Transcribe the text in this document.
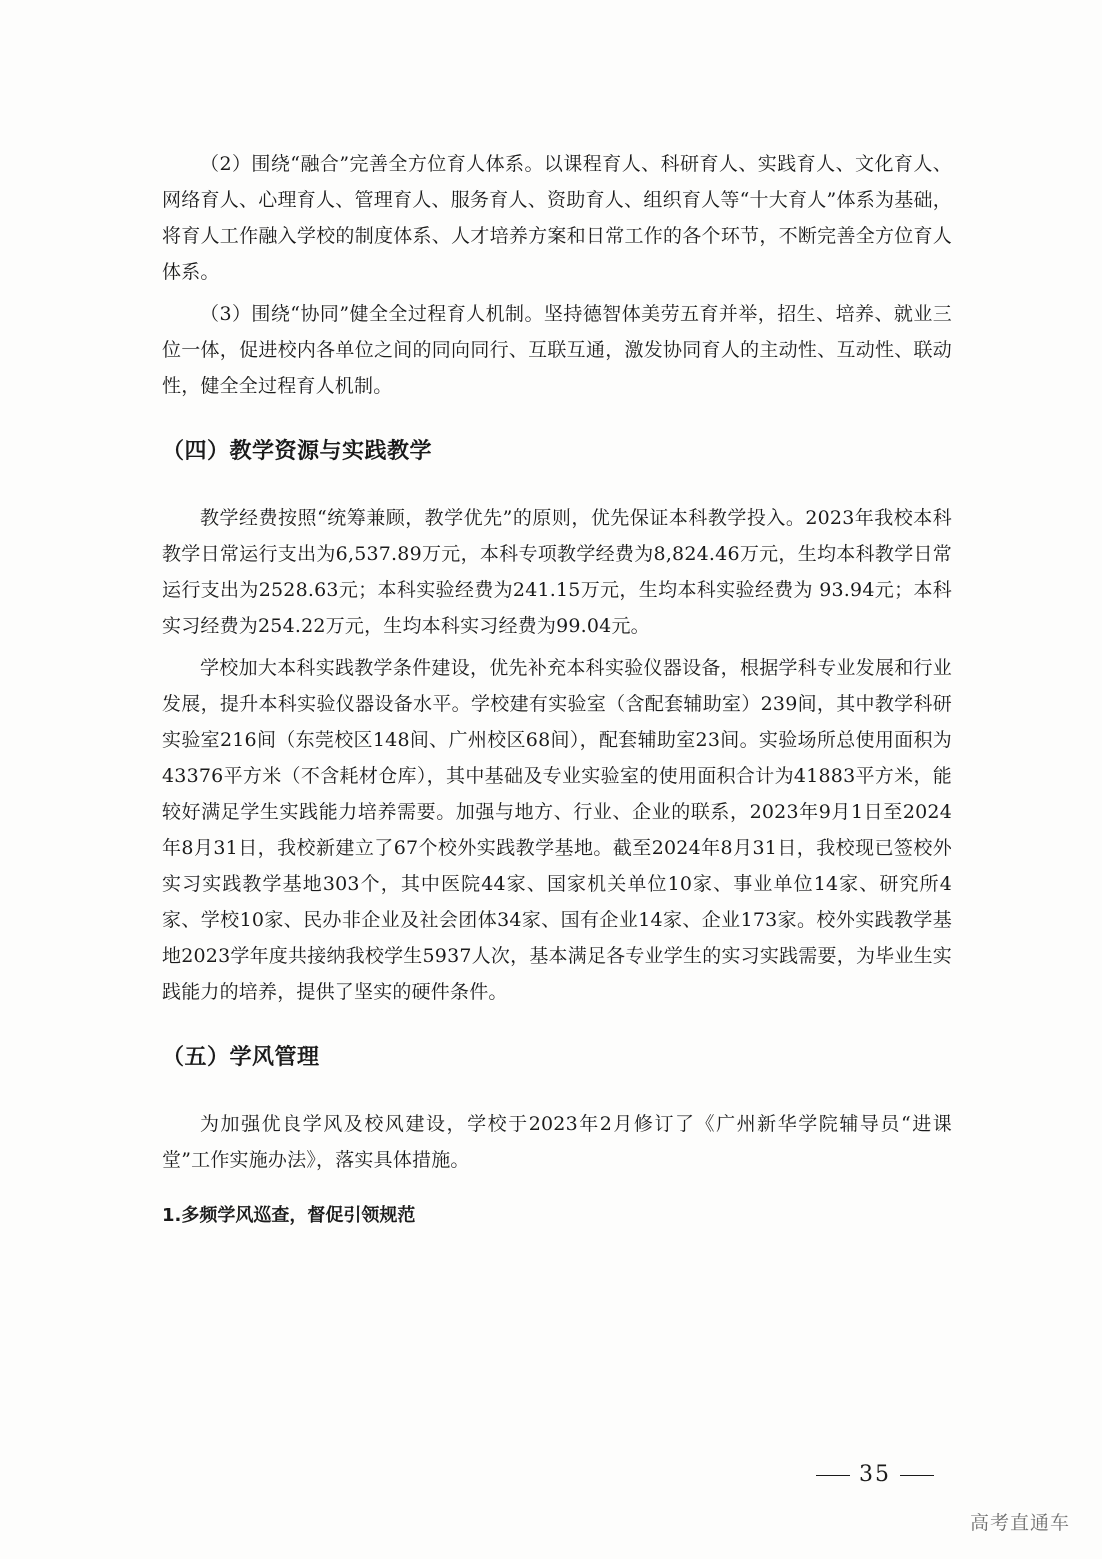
（2）围绕“融合”完善全方位育人体系。以课程育人、科研育人、实践育人、文化育人、网络育人、心理育人、管理育人、服务育人、资助育人、组织育人等“十大育人”体系为基础，将育人工作融入学校的制度体系、人才培养方案和日常工作的各个环节，不断完善全方位育人体系。

（3）围绕“协同”健全全过程育人机制。坚持德智体美劳五育并举，招生、培养、就业三位一体，促进校内各单位之间的同向同行、互联互通，激发协同育人的主动性、互动性、联动性，健全全过程育人机制。

（四）教学资源与实践教学

教学经费按照“统筹兼顾，教学优先”的原则，优先保证本科教学投入。2023年我校本科教学日常运行支出为6,537.89万元，本科专项教学经费为8,824.46万元，生均本科教学日常运行支出为2528.63元；本科实验经费为241.15万元，生均本科实验经费为 93.94元；本科实习经费为254.22万元，生均本科实习经费为99.04元。

学校加大本科实践教学条件建设，优先补充本科实验仪器设备，根据学科专业发展和行业发展，提升本科实验仪器设备水平。学校建有实验室（含配套辅助室）239间，其中教学科研实验室216间（东莞校区148间、广州校区68间），配套辅助室23间。实验场所总使用面积为43376平方米（不含耗材仓库），其中基础及专业实验室的使用面积合计为41883平方米，能较好满足学生实践能力培养需要。加强与地方、行业、企业的联系，2023年9月1日至2024年8月31日，我校新建立了67个校外实践教学基地。截至2024年8月31日，我校现已签校外实习实践教学基地303个，其中医院44家、国家机关单位10家、事业单位14家、研究所4家、学校10家、民办非企业及社会团体34家、国有企业14家、企业173家。校外实践教学基地2023学年度共接纳我校学生5937人次，基本满足各专业学生的实习实践需要，为毕业生实践能力的培养，提供了坚实的硬件条件。

（五）学风管理

为加强优良学风及校风建设，学校于2023年2月修订了《广州新华学院辅导员“进课堂”工作实施办法》，落实具体措施。

1.多频学风巡查，督促引领规范
35
高考直通车
